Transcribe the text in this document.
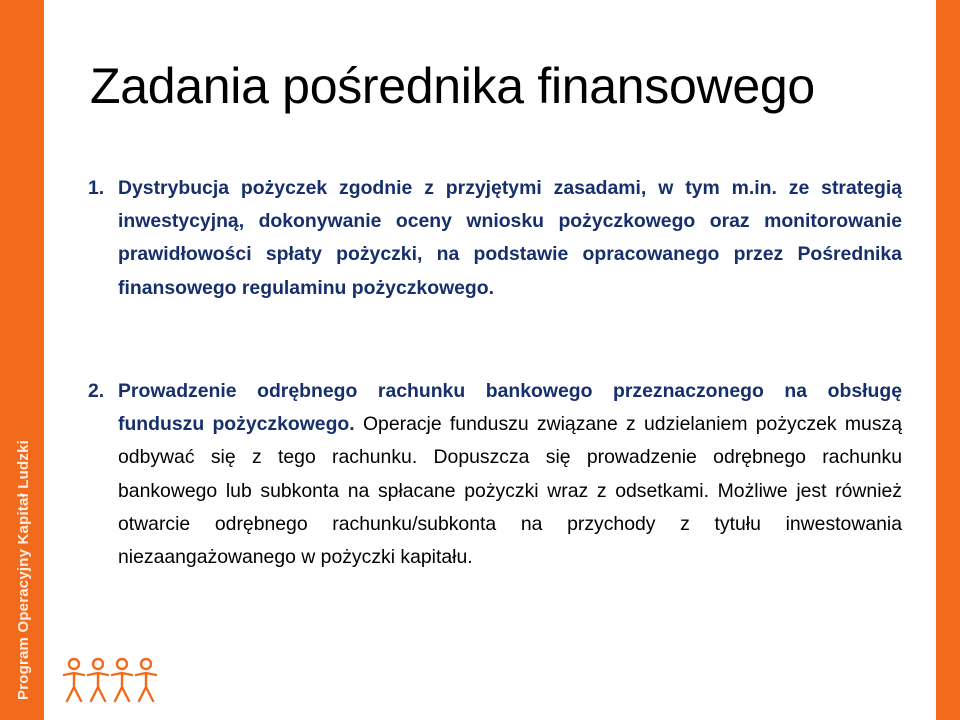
Program Operacyjny Kapitał Ludzki
Zadania pośrednika finansowego
1. Dystrybucja pożyczek zgodnie z przyjętymi zasadami, w tym m.in. ze strategią inwestycyjną, dokonywanie oceny wniosku pożyczkowego oraz monitorowanie prawidłowości spłaty pożyczki, na podstawie opracowanego przez Pośrednika finansowego regulaminu pożyczkowego.
2. Prowadzenie odrębnego rachunku bankowego przeznaczonego na obsługę funduszu pożyczkowego. Operacje funduszu związane z udzielaniem pożyczek muszą odbywać się z tego rachunku. Dopuszcza się prowadzenie odrębnego rachunku bankowego lub subkonta na spłacane pożyczki wraz z odsetkami. Możliwe jest również otwarcie odrębnego rachunku/subkonta na przychody z tytułu inwestowania niezaangażowanego w pożyczki kapitału.
